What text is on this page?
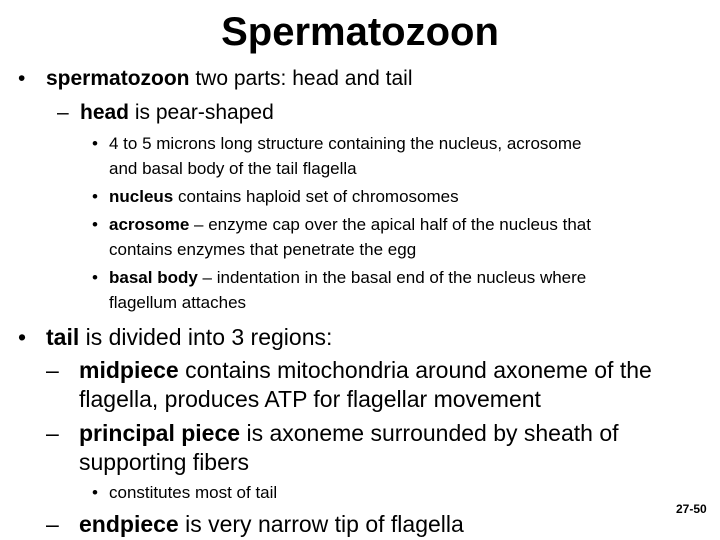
Spermatozoon
• spermatozoon two parts: head and tail
– head is pear-shaped
• 4 to 5 microns long structure containing the nucleus, acrosome
and basal body of the tail flagella
• nucleus contains haploid set of chromosomes
• acrosome – enzyme cap over the apical half of the nucleus that
contains enzymes that penetrate the egg
• basal body – indentation in the basal end of the nucleus where
flagellum attaches
• tail is divided into 3 regions:
– midpiece contains mitochondria around axoneme of the
flagella, produces ATP for flagellar movement
– principal piece is axoneme surrounded by sheath of
supporting fibers
• constitutes most of tail
– endpiece is very narrow tip of flagella
27-50
